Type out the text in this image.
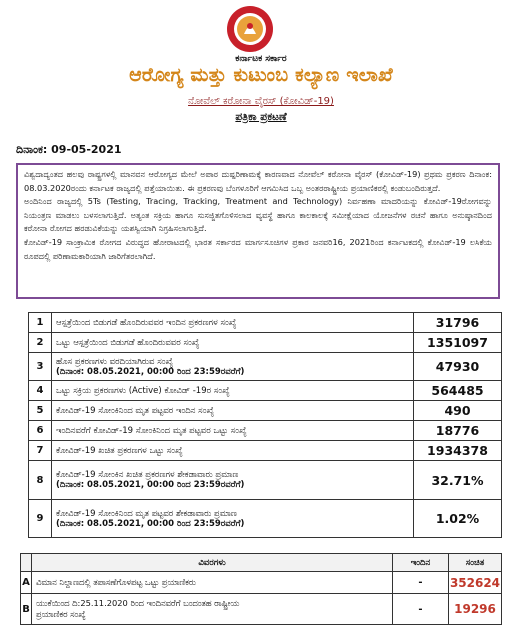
ಕರ್ನಾಟಕ ಸರ್ಕಾರ
ಆರೋಗ್ಯ ಮತ್ತು ಕುಟುಂಬ ಕಲ್ಯಾಣ ಇಲಾಖೆ
ನೋವೆಲ್ ಕರೋನಾ ವೈರಸ್ (ಕೋವಿಡ್-19)
ಪತ್ರಿಕಾ ಪ್ರಕಟಣೆ
ದಿನಾಂಕ: 09-05-2021

ವಿಶ್ವದಾದ್ಯಂತದ ಹಲವು ರಾಷ್ಟ್ರಗಳಲ್ಲಿ ಮಾನವನ ಆರೋಗ್ಯದ ಮೇಲೆ ಅಪಾರ ದುಷ್ಪರಿಣಾಮಕ್ಕೆ ಕಾರಣವಾದ ನೋವೆಲ್ ಕರೋನಾ ವೈರಸ್ (ಕೋವಿಡ್-19) ಪ್ರಥಮ ಪ್ರಕರಣ ದಿನಾಂಕ: 08.03.2020ರಂದು ಕರ್ನಾಟಕ ರಾಜ್ಯದಲ್ಲಿ ಪತ್ತೆಯಾಯಿತು. ಈ ಪ್ರಕರಣವು ಬೆಂಗಳೂರಿಗೆ ಆಗಮಿಸಿದ ಒಬ್ಬ ಅಂತರರಾಷ್ಟ್ರೀಯ ಪ್ರಯಾಣಿಕರಲ್ಲಿ ಕಂಡುಬಂದಿರುತ್ತದೆ.

ಅಂದಿನಿಂದ ರಾಜ್ಯದಲ್ಲಿ 5Ts (Testing, Tracing, Tracking, Treatment and Technology) ನಿರ್ವಹಣಾ ಮಾದರಿಯನ್ನು ಕೋವಿಡ್-19ರೋಗವನ್ನು ನಿಯಂತ್ರಣ ಮಾಡಲು ಬಳಸಲಾಗುತ್ತಿದೆ. ಅತ್ಯಂತ ಸಕ್ರಿಯ ಹಾಗೂ ಸುಸಜ್ಜಿತಗೊಳಿಸಲಾದ ವ್ಯವಸ್ಥೆ ಹಾಗೂ ಕಾಲಕಾಲಕ್ಕೆ ಸಮೀಕ್ಷೆಯಾದ ಯೋಜನೆಗಳ ರಚನೆ ಹಾಗೂ ಅನುಷ್ಠಾನದಿಂದ ಕರೋನಾ ರೋಗದ ಹರಡುವಿಕೆಯನ್ನು ಯಶಸ್ವಿಯಾಗಿ ನಿಗ್ರಹಿಸಲಾಗುತ್ತಿದೆ.

ಕೋವಿಡ್-19 ಸಾಂಕ್ರಾಮಿಕ ರೋಗದ ವಿರುದ್ಧದ ಹೋರಾಟದಲ್ಲಿ ಭಾರತ ಸರ್ಕಾರದ ಮಾರ್ಗಸೂಚಿಗಳ ಪ್ರಕಾರ ಜನವರಿ16, 2021ರಿಂದ ಕರ್ನಾಟಕದಲ್ಲಿ ಕೋವಿಡ್-19 ಲಸಿಕೆಯ ರೂಪದಲ್ಲಿ ಪರಿಣಾಮಕಾರಿಯಾಗಿ ಜಾರಿಗೆತರಲಾಗಿದೆ.

1	ಆಸ್ಪತ್ರೆಯಿಂದ ಬಿಡುಗಡೆ ಹೊಂದಿರುವವರ ಇಂದಿನ ಪ್ರಕರಣಗಳ ಸಂಖ್ಯೆ	31796
2	ಒಟ್ಟು ಆಸ್ಪತ್ರೆಯಿಂದ ಬಿಡುಗಡೆ ಹೊಂದಿರುವವರ ಸಂಖ್ಯೆ	1351097
3	ಹೊಸ ಪ್ರಕರಣಗಳು ವರದಿಯಾಗಿರುವ ಸಂಖ್ಯೆ
(ದಿನಾಂಕ: 08.05.2021, 00:00 ರಿಂದ 23:59ರವರೆಗೆ)	47930
4	ಒಟ್ಟು ಸಕ್ರಿಯ ಪ್ರಕರಣಗಳು (Active) ಕೋವಿಡ್ -19ರ ಸಂಖ್ಯೆ	564485
5	ಕೋವಿಡ್-19 ಸೋಂಕಿನಿಂದ ಮೃತ ಪಟ್ಟವರ ಇಂದಿನ ಸಂಖ್ಯೆ	490
6	ಇಂದಿನವರೆಗೆ ಕೋವಿಡ್-19 ಸೋಂಕಿನಿಂದ ಮೃತ ಪಟ್ಟವರ ಒಟ್ಟು ಸಂಖ್ಯೆ	18776
7	ಕೋವಿಡ್-19 ಖಚಿತ ಪ್ರಕರಣಗಳ ಒಟ್ಟು ಸಂಖ್ಯೆ	1934378
8	ಕೋವಿಡ್-19 ಸೋಂಕಿನ ಖಚಿತ ಪ್ರಕರಣಗಳ ಶೇಕಡಾವಾರು ಪ್ರಮಾಣ
(ದಿನಾಂಕ: 08.05.2021, 00:00 ರಿಂದ 23:59ರವರೆಗೆ)	32.71%
9	ಕೋವಿಡ್-19 ಸೋಂಕಿನಿಂದ ಮೃತ ಪಟ್ಟವರ ಶೇಕಡಾವಾರು ಪ್ರಮಾಣ
(ದಿನಾಂಕ: 08.05.2021, 00:00 ರಿಂದ 23:59ರವರೆಗೆ)	1.02%
	ವಿವರಗಳು	ಇಂದಿನ	ಸಂಚಿತ
A	ವಿಮಾನ ನಿಲ್ದಾಣದಲ್ಲಿ ತಪಾಸಣೆಗೊಳಪಟ್ಟ ಒಟ್ಟು ಪ್ರಯಾಣಿಕರು	-	352624
B	ಯುಕೆಯಿಂದ ದಿ:25.11.2020 ರಿಂದ ಇಂದಿನವರೆಗೆ ಬಂದಂತಹ ರಾಷ್ಟ್ರೀಯ
ಪ್ರಯಾಣಿಕರ ಸಂಖ್ಯೆ	-	19296
